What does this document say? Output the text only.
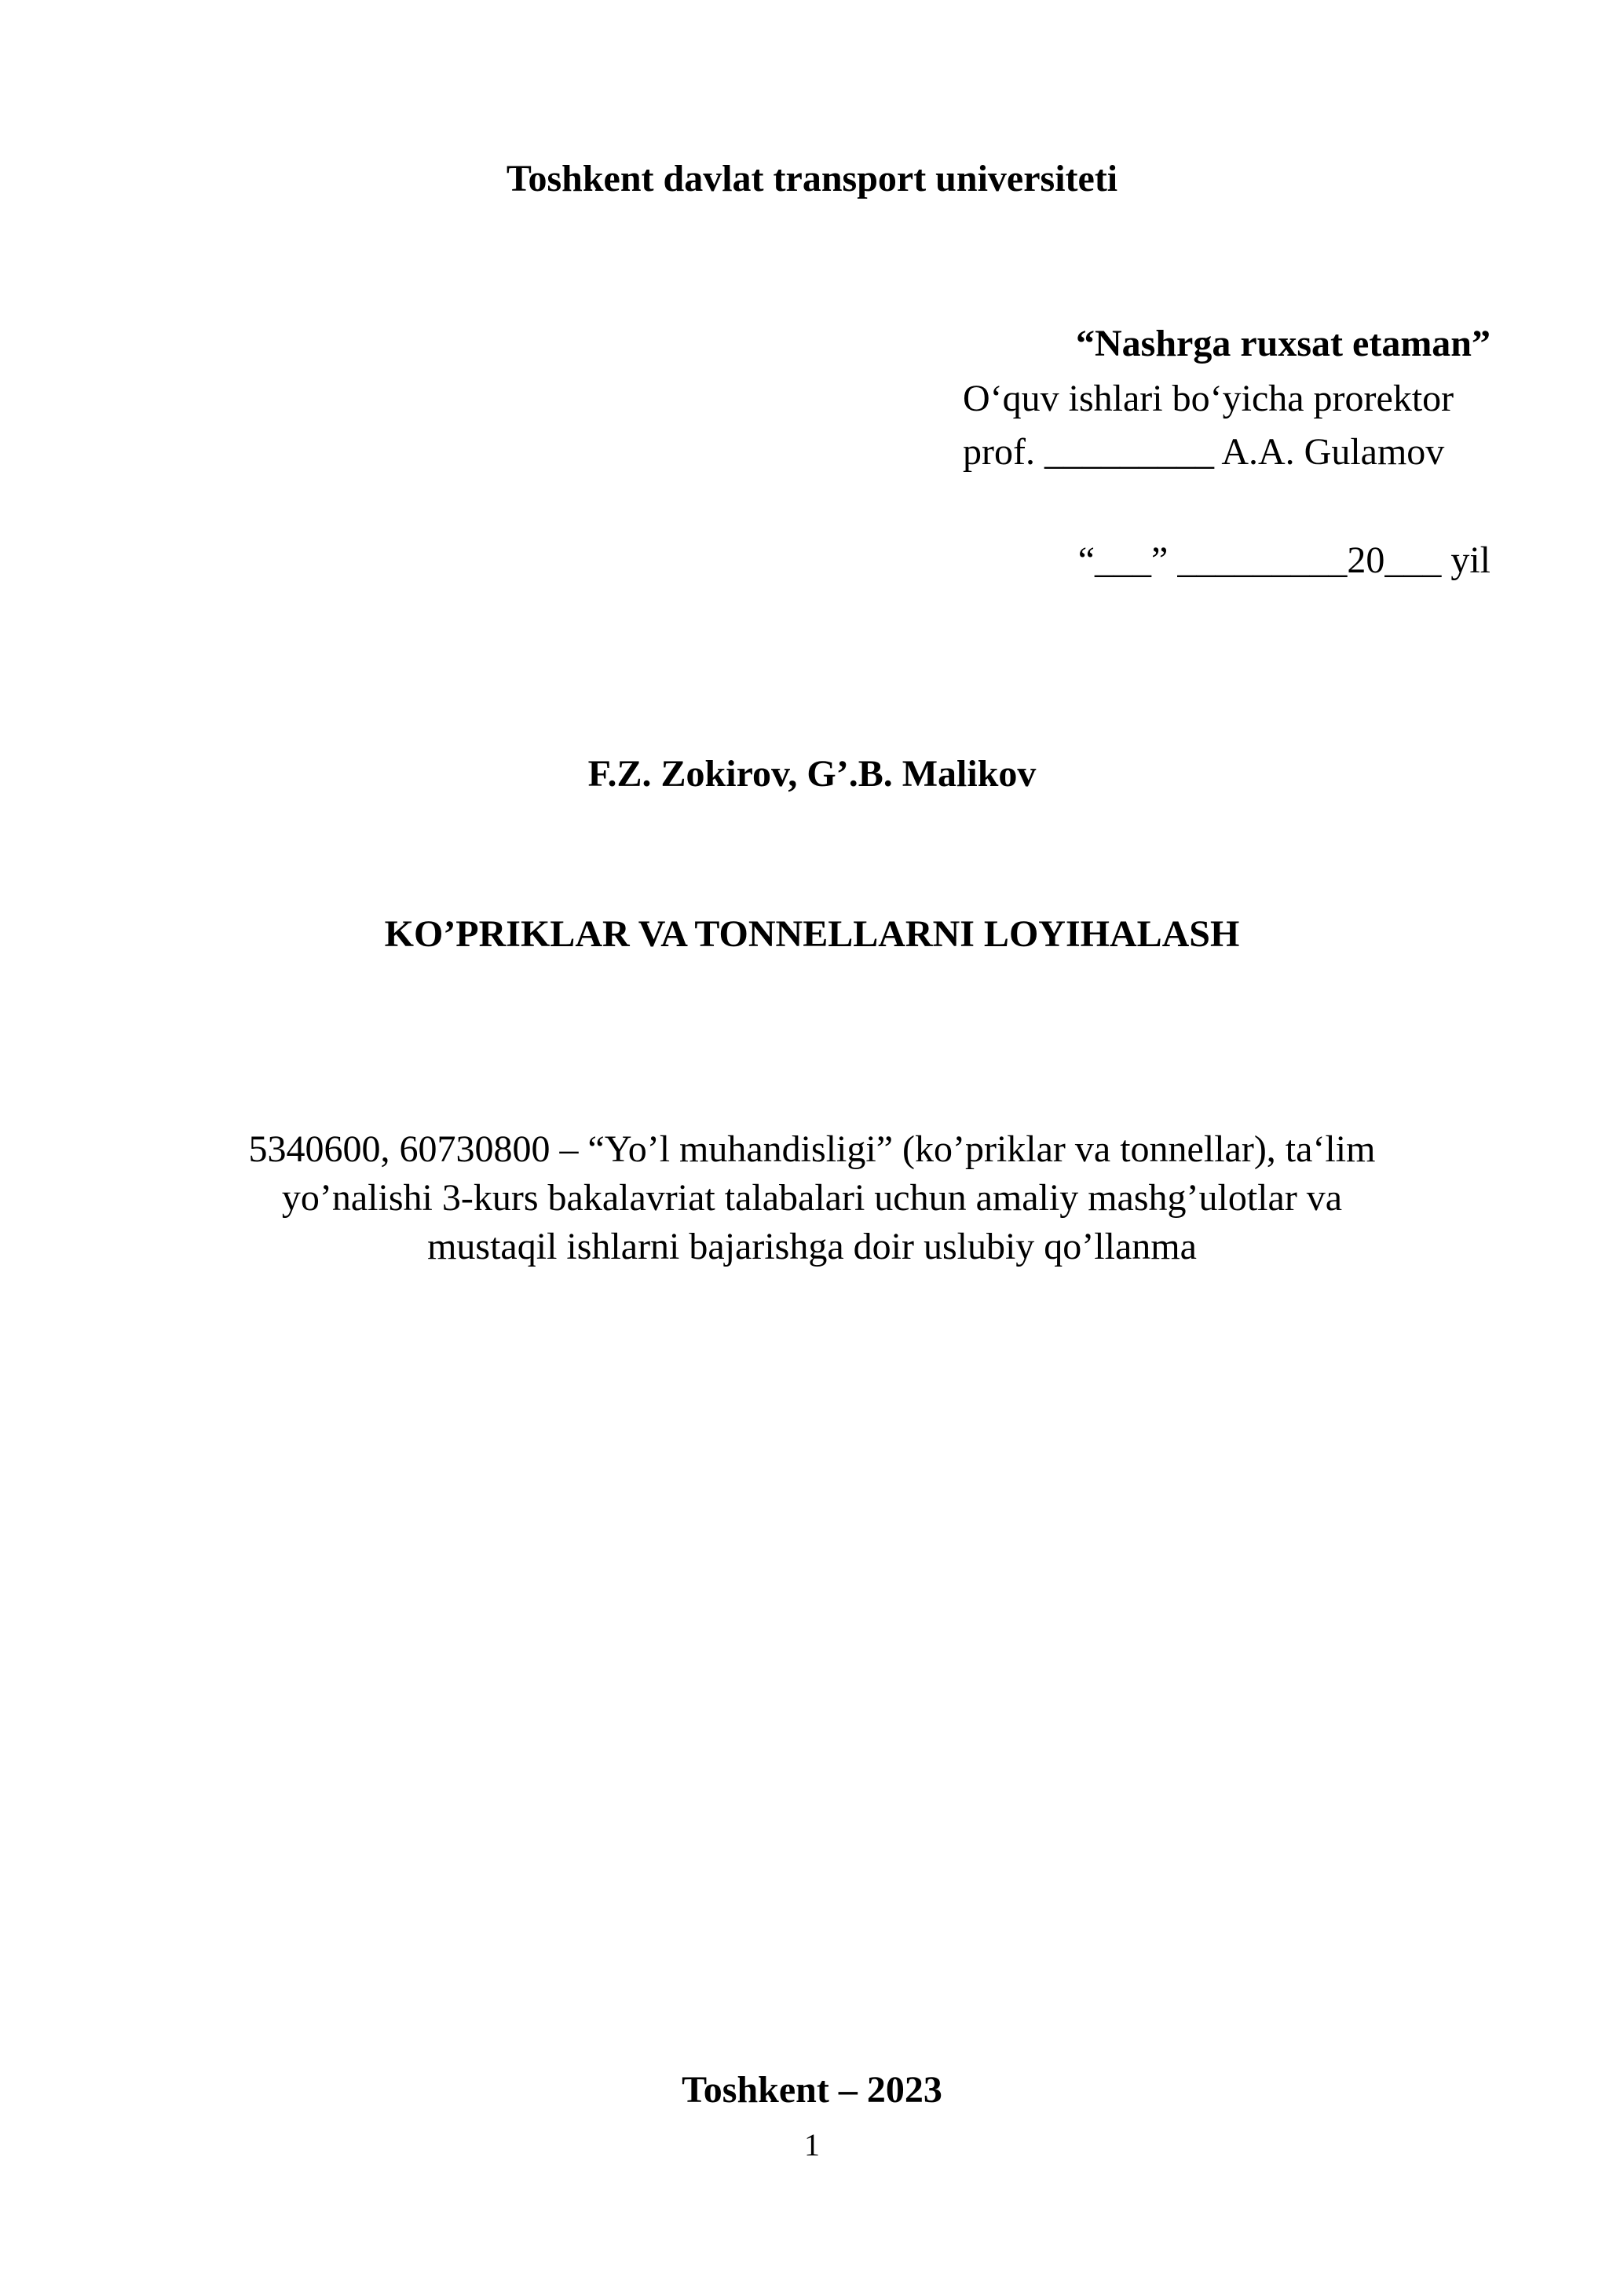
Toshkent davlat transport universiteti
“Nashrga ruxsat etaman”
O‘quv ishlari bo‘yicha prorektor
prof. _________ A.A. Gulamov
“___” _________20___ yil
F.Z. Zokirov, G’.B. Malikov
KO’PRIKLAR VA TONNELLARNI LOYIHALASH
5340600, 60730800 – “Yo’l muhandisligi” (ko’priklar va tonnellar), ta‘lim
yo’nalishi 3-kurs bakalavriat talabalari uchun amaliy mashg’ulotlar va
mustaqil ishlarni bajarishga doir uslubiy qo’llanma
Toshkent – 2023
1
